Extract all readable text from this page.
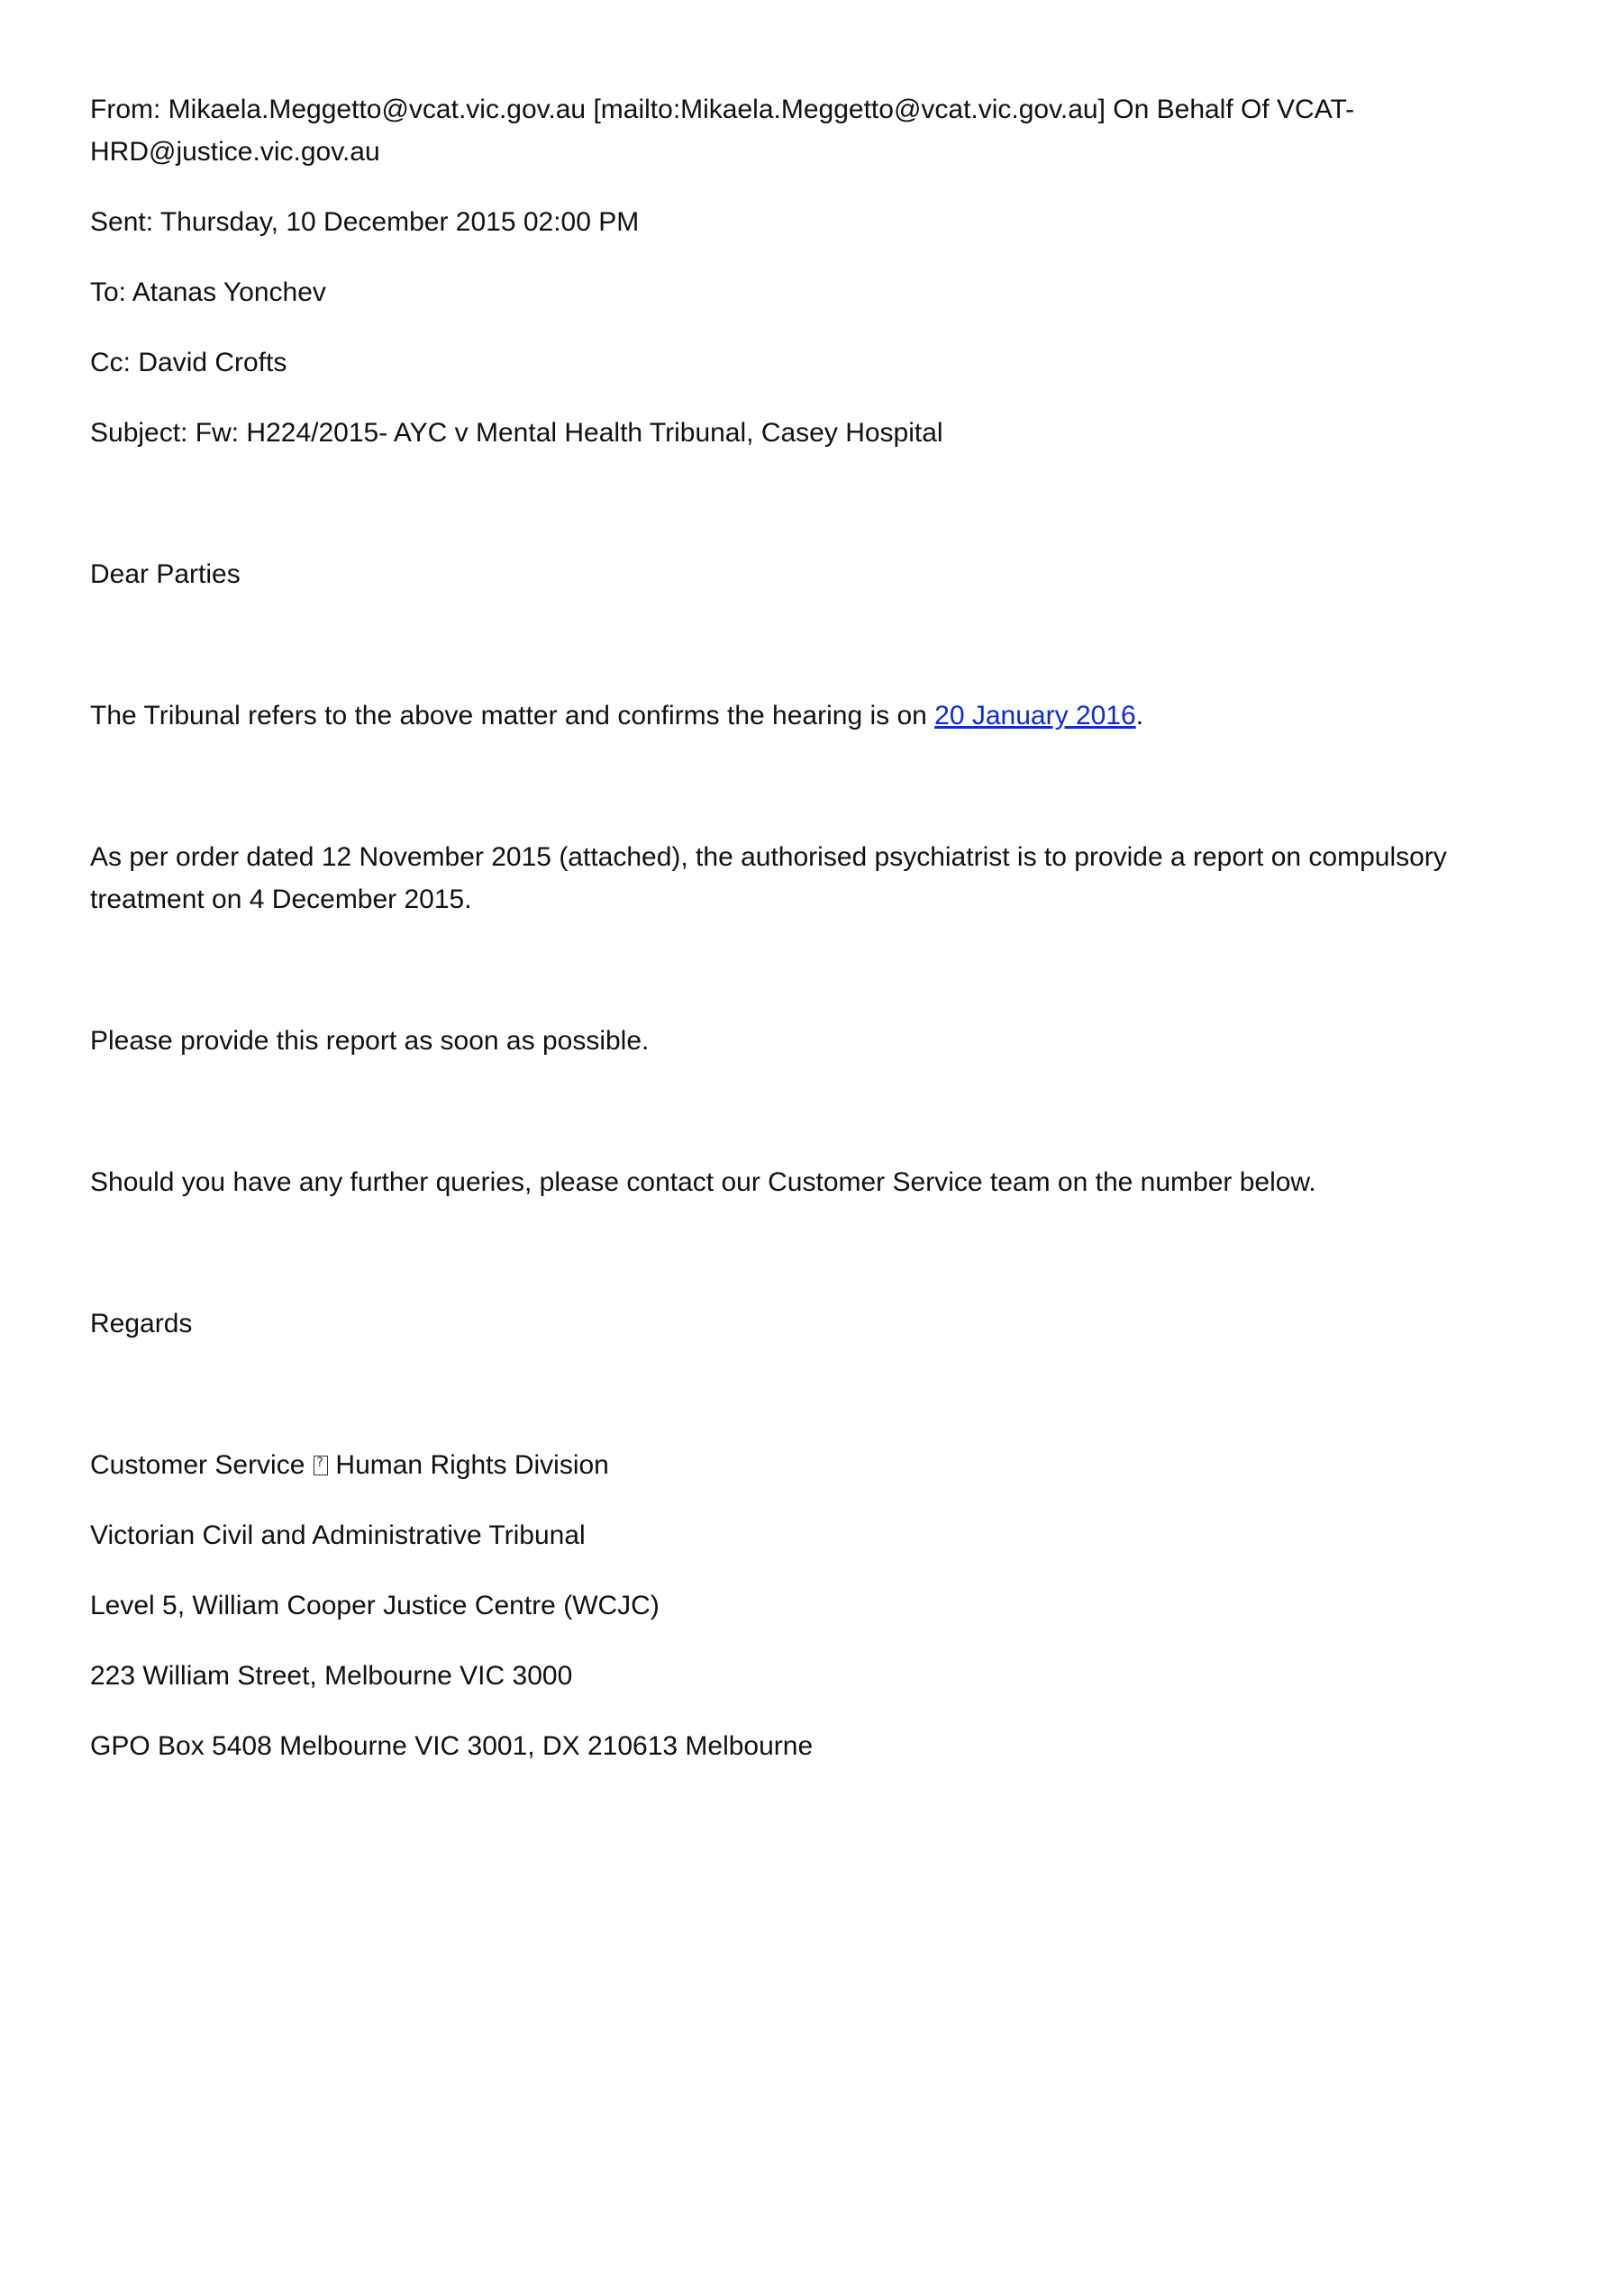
From: Mikaela.Meggetto@vcat.vic.gov.au [mailto:Mikaela.Meggetto@vcat.vic.gov.au] On Behalf Of VCAT-HRD@justice.vic.gov.au

Sent: Thursday, 10 December 2015 02:00 PM

To: Atanas Yonchev

Cc: David Crofts

Subject: Fw: H224/2015- AYC v Mental Health Tribunal, Casey Hospital

Dear Parties

The Tribunal refers to the above matter and confirms the hearing is on 20 January 2016.

As per order dated 12 November 2015 (attached), the authorised psychiatrist is to provide a report on compulsory treatment on 4 December 2015.

Please provide this report as soon as possible.

Should you have any further queries, please contact our Customer Service team on the number below.

Regards

Customer Service? Human Rights Division

Victorian Civil and Administrative Tribunal

Level 5, William Cooper Justice Centre (WCJC)

223 William Street, Melbourne VIC 3000

GPO Box 5408 Melbourne VIC 3001, DX 210613 Melbourne
